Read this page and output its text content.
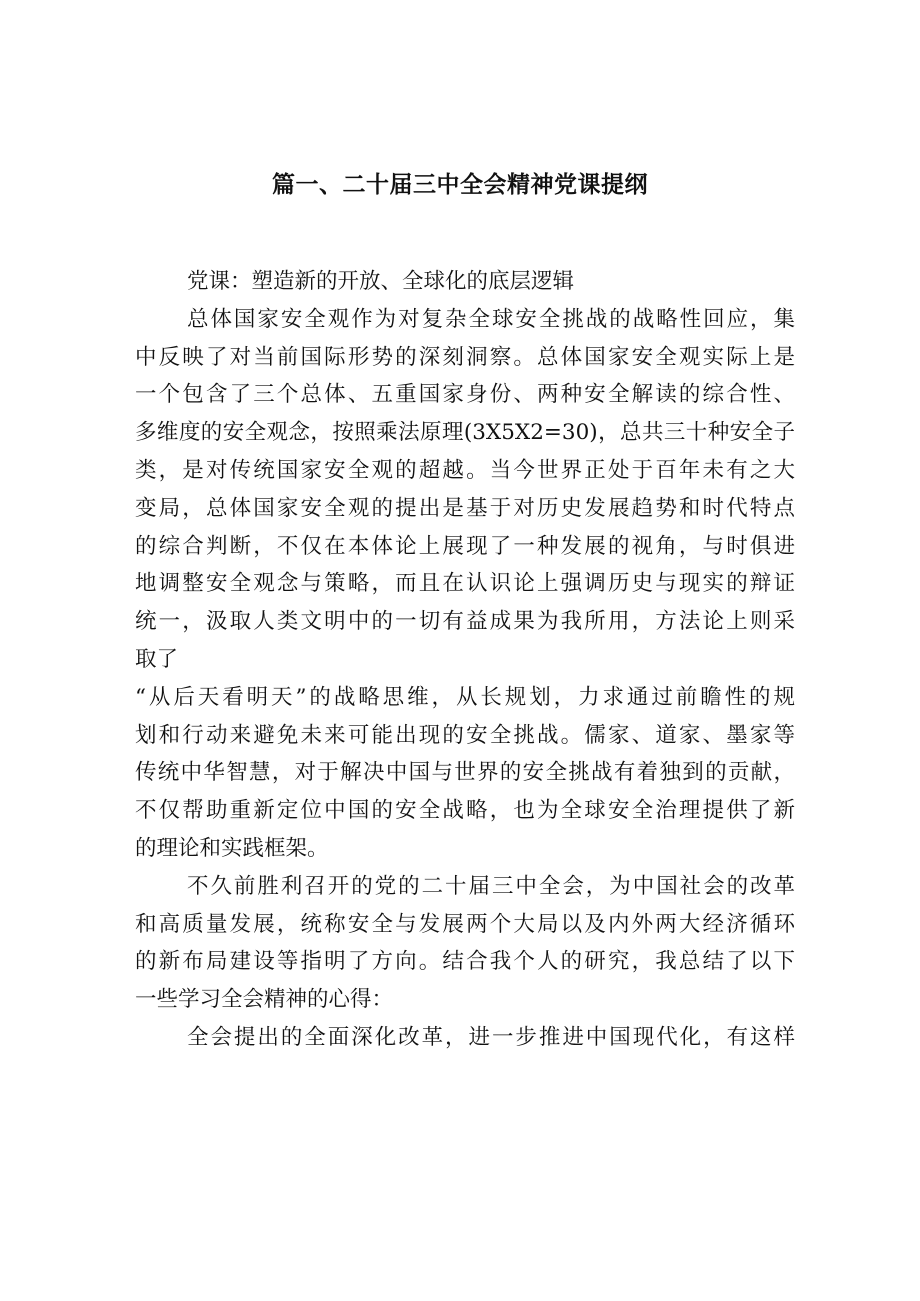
篇一、二十届三中全会精神党课提纲
党课：塑造新的开放、全球化的底层逻辑
总体国家安全观作为对复杂全球安全挑战的战略性回应，集
中反映了对当前国际形势的深刻洞察。总体国家安全观实际上是
一个包含了三个总体、五重国家身份、两种安全解读的综合性、
多维度的安全观念，按照乘法原理(3X5X2=30)，总共三十种安全子
类，是对传统国家安全观的超越。当今世界正处于百年未有之大
变局，总体国家安全观的提出是基于对历史发展趋势和时代特点
的综合判断，不仅在本体论上展现了一种发展的视角，与时俱进
地调整安全观念与策略，而且在认识论上强调历史与现实的辩证
统一，汲取人类文明中的一切有益成果为我所用，方法论上则采
取了
“从后天看明天”的战略思维，从长规划，力求通过前瞻性的规
划和行动来避免未来可能出现的安全挑战。儒家、道家、墨家等
传统中华智慧，对于解决中国与世界的安全挑战有着独到的贡献，
不仅帮助重新定位中国的安全战略，也为全球安全治理提供了新
的理论和实践框架。
不久前胜利召开的党的二十届三中全会，为中国社会的改革
和高质量发展，统称安全与发展两个大局以及内外两大经济循环
的新布局建设等指明了方向。结合我个人的研究，我总结了以下
一些学习全会精神的心得：
全会提出的全面深化改革，进一步推进中国现代化，有这样
